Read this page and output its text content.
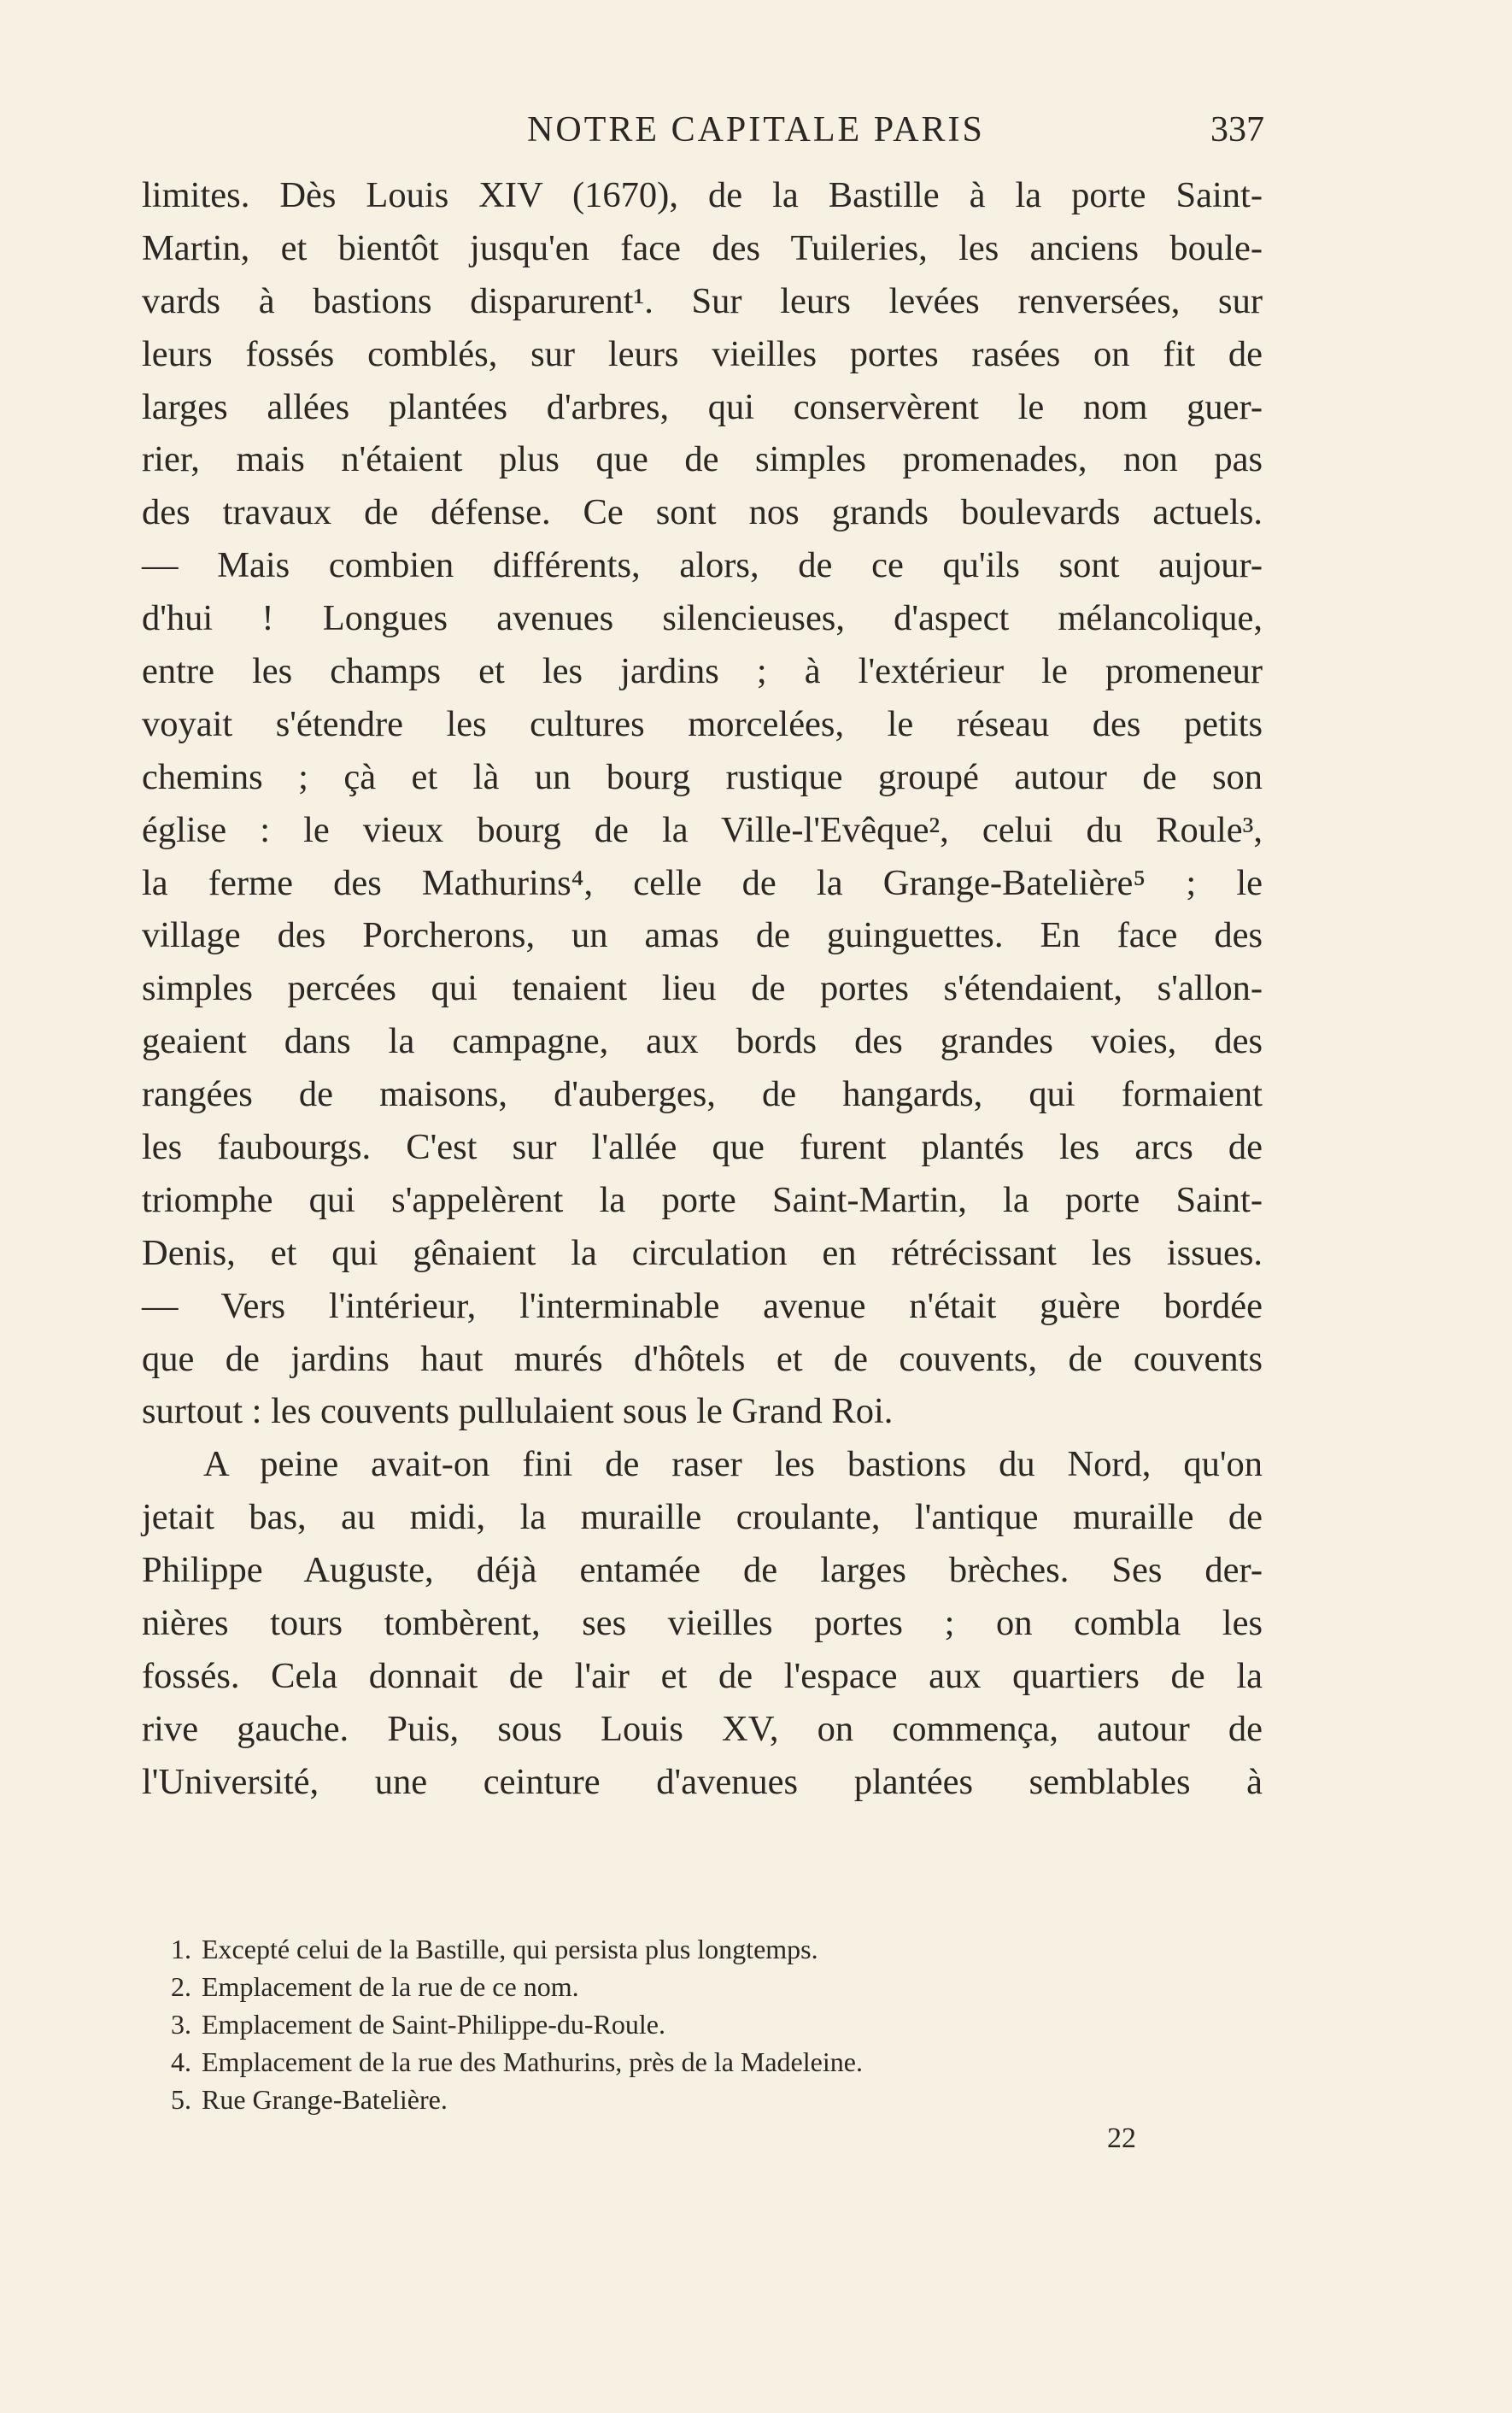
NOTRE CAPITALE PARIS	337
limites. Dès Louis XIV (1670), de la Bastille à la porte Saint-
Martin, et bientôt jusqu'en face des Tuileries, les anciens boule-
vards à bastions disparurent¹. Sur leurs levées renversées, sur
leurs fossés comblés, sur leurs vieilles portes rasées on fit de
larges allées plantées d'arbres, qui conservèrent le nom guer-
rier, mais n'étaient plus que de simples promenades, non pas
des travaux de défense. Ce sont nos grands boulevards actuels.
— Mais combien différents, alors, de ce qu'ils sont aujour-
d'hui ! Longues avenues silencieuses, d'aspect mélancolique,
entre les champs et les jardins ; à l'extérieur le promeneur
voyait s'étendre les cultures morcelées, le réseau des petits
chemins ; çà et là un bourg rustique groupé autour de son
église : le vieux bourg de la Ville-l'Evêque², celui du Roule³,
la ferme des Mathurins⁴, celle de la Grange-Batelière⁵ ; le
village des Porcherons, un amas de guinguettes. En face des
simples percées qui tenaient lieu de portes s'étendaient, s'allon-
geaient dans la campagne, aux bords des grandes voies, des
rangées de maisons, d'auberges, de hangards, qui formaient
les faubourgs. C'est sur l'allée que furent plantés les arcs de
triomphe qui s'appelèrent la porte Saint-Martin, la porte Saint-
Denis, et qui gênaient la circulation en rétrécissant les issues.
— Vers l'intérieur, l'interminable avenue n'était guère bordée
que de jardins haut murés d'hôtels et de couvents, de couvents
surtout : les couvents pullulaient sous le Grand Roi.
A peine avait-on fini de raser les bastions du Nord, qu'on
jetait bas, au midi, la muraille croulante, l'antique muraille de
Philippe Auguste, déjà entamée de larges brèches. Ses der-
nières tours tombèrent, ses vieilles portes ; on combla les
fossés. Cela donnait de l'air et de l'espace aux quartiers de la
rive gauche. Puis, sous Louis XV, on commença, autour de
l'Université, une ceinture d'avenues plantées semblables à
1. Excepté celui de la Bastille, qui persista plus longtemps.
2. Emplacement de la rue de ce nom.
3. Emplacement de Saint-Philippe-du-Roule.
4. Emplacement de la rue des Mathurins, près de la Madeleine.
5. Rue Grange-Batelière.
22
